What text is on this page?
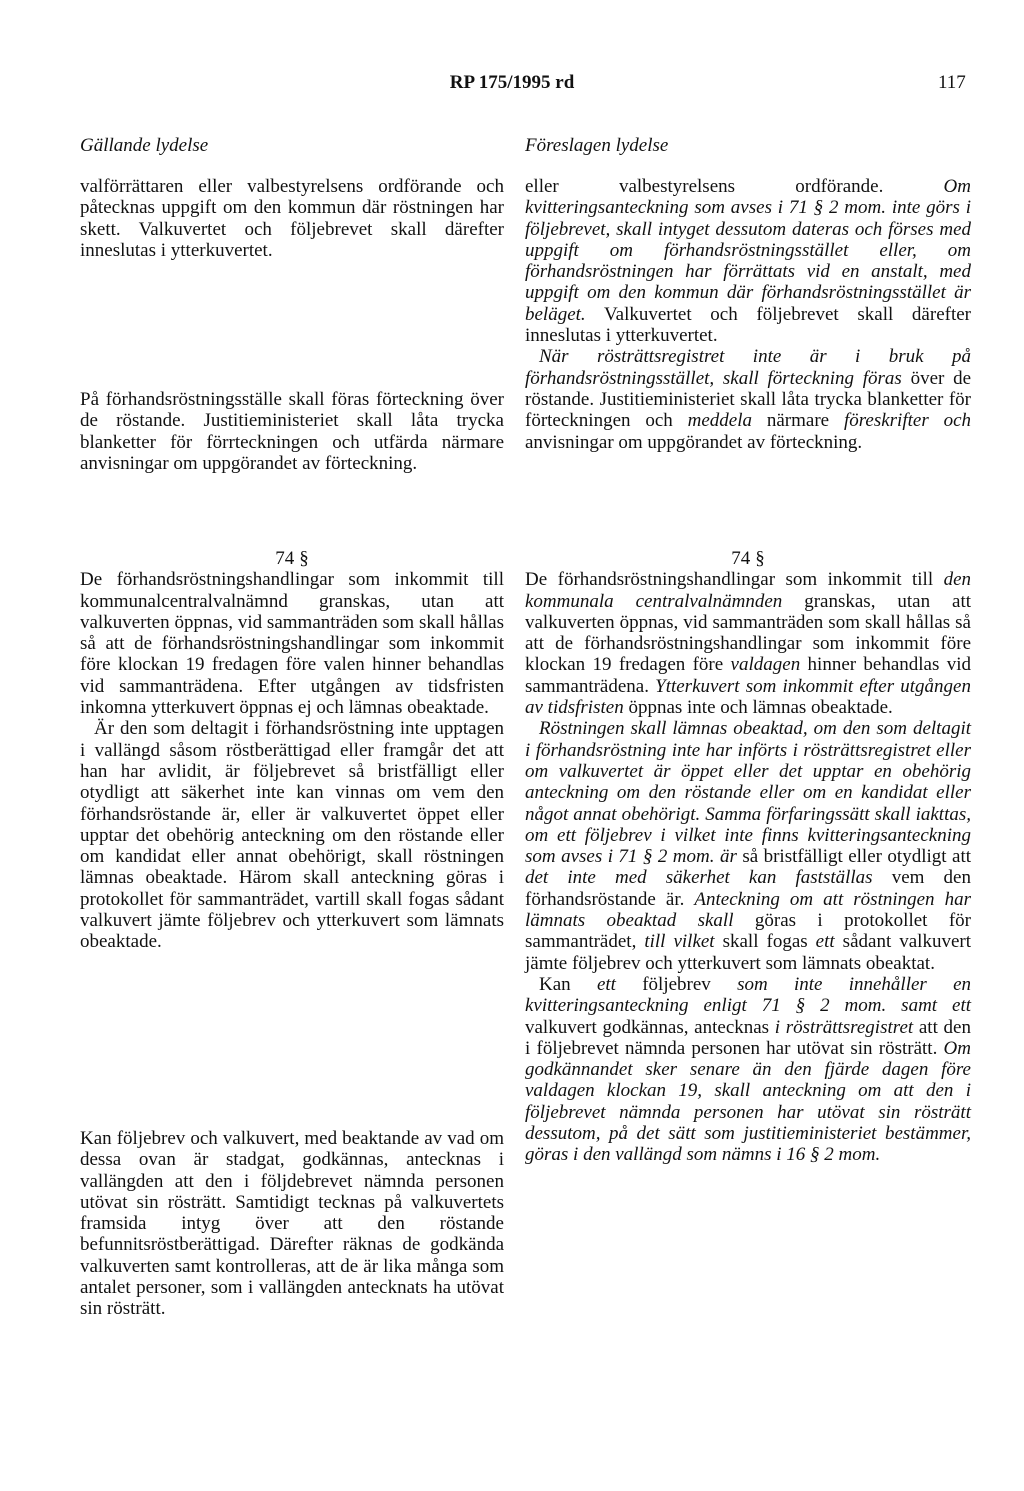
RP 175/1995 rd	117
Gällande lydelse	Föreslagen lydelse

valförrättaren eller valbestyrelsens ordförande och påtecknas uppgift om den kommun där röstningen har skett. Valkuvertet och följebrevet skall därefter inneslutas i ytterkuvertet.

På förhandsröstningsställe skall föras förteckning över de röstande. Justitieministeriet skall låta trycka blanketter för förrteckningen och utfärda närmare anvisningar om uppgörandet av förteckning.

74 §

De förhandsröstningshandlingar som inkommit till kommunalcentralvalnämnd granskas, utan att valkuverten öppnas, vid sammanträden som skall hållas så att de förhandsröstningshandlingar som inkommit före klockan 19 fredagen före valen hinner behandlas vid sammanträdena. Efter utgången av tidsfristen inkomna ytterkuvert öppnas ej och lämnas obeaktade.

Är den som deltagit i förhandsröstning inte upptagen i vallängd såsom röstberättigad eller framgår det att han har avlidit, är följebrevet så bristfälligt eller otydligt att säkerhet inte kan vinnas om vem den förhandsröstande är, eller är valkuvertet öppet eller upptar det obehörig anteckning om den röstande eller om kandidat eller annat obehörigt, skall röstningen lämnas obeaktade. Härom skall anteckning göras i protokollet för sammanträdet, vartill skall fogas sådant valkuvert jämte följebrev och ytterkuvert som lämnats obeaktade.

Kan följebrev och valkuvert, med beaktande av vad om dessa ovan är stadgat, godkännas, antecknas i vallängden att den i följdebrevet nämnda personen utövat sin rösträtt. Samtidigt tecknas på valkuvertets framsida intyg över att den röstande befunnitsröstberättigad. Därefter räknas de godkända valkuverten samt kontrolleras, att de är lika många som antalet personer, som i vallängden antecknats ha utövat sin rösträtt.

eller valbestyrelsens ordförande. Om kvitteringsanteckning som avses i 71 § 2 mom. inte görs i följebrevet, skall intyget dessutom dateras och förses med uppgift om förhandsröstningsstället eller, om förhandsröstningen har förrättats vid en anstalt, med uppgift om den kommun där förhandsröstningsstället är beläget. Valkuvertet och följebrevet skall därefter inneslutas i ytterkuvertet.

När rösträttsregistret inte är i bruk på förhandsröstningsstället, skall förteckning föras över de röstande. Justitieministeriet skall låta trycka blanketter för förteckningen och meddela närmare föreskrifter och anvisningar om uppgörandet av förteckning.

74 §

De förhandsröstningshandlingar som inkommit till den kommunala centralvalnämnden granskas, utan att valkuverten öppnas, vid sammanträden som skall hållas så att de förhandsröstningshandlingar som inkommit före klockan 19 fredagen före valdagen hinner behandlas vid sammanträdena. Ytterkuvert som inkommit efter utgången av tidsfristen öppnas inte och lämnas obeaktade.

Röstningen skall lämnas obeaktad, om den som deltagit i förhandsröstning inte har införts i rösträttsregistret eller om valkuvertet är öppet eller det upptar en obehörig anteckning om den röstande eller om en kandidat eller något annat obehörigt. Samma förfaringssätt skall iakttas, om ett följebrev i vilket inte finns kvitteringsanteckning som avses i 71 § 2 mom. är så bristfälligt eller otydligt att det inte med säkerhet kan fastställas vem den förhandsröstande är. Anteckning om att röstningen har lämnats obeaktad skall göras i protokollet för sammanträdet, till vilket skall fogas ett sådant valkuvert jämte följebrev och ytterkuvert som lämnats obeaktat.

Kan ett följebrev som inte innehåller en kvitteringsanteckning enligt 71 § 2 mom. samt ett valkuvert godkännas, antecknas i rösträttsregistret att den i följebrevet nämnda personen har utövat sin rösträtt. Om godkännandet sker senare än den fjärde dagen före valdagen klockan 19, skall anteckning om att den i följebrevet nämnda personen har utövat sin rösträtt dessutom, på det sätt som justitieministeriet bestämmer, göras i den vallängd som nämns i 16 § 2 mom.
